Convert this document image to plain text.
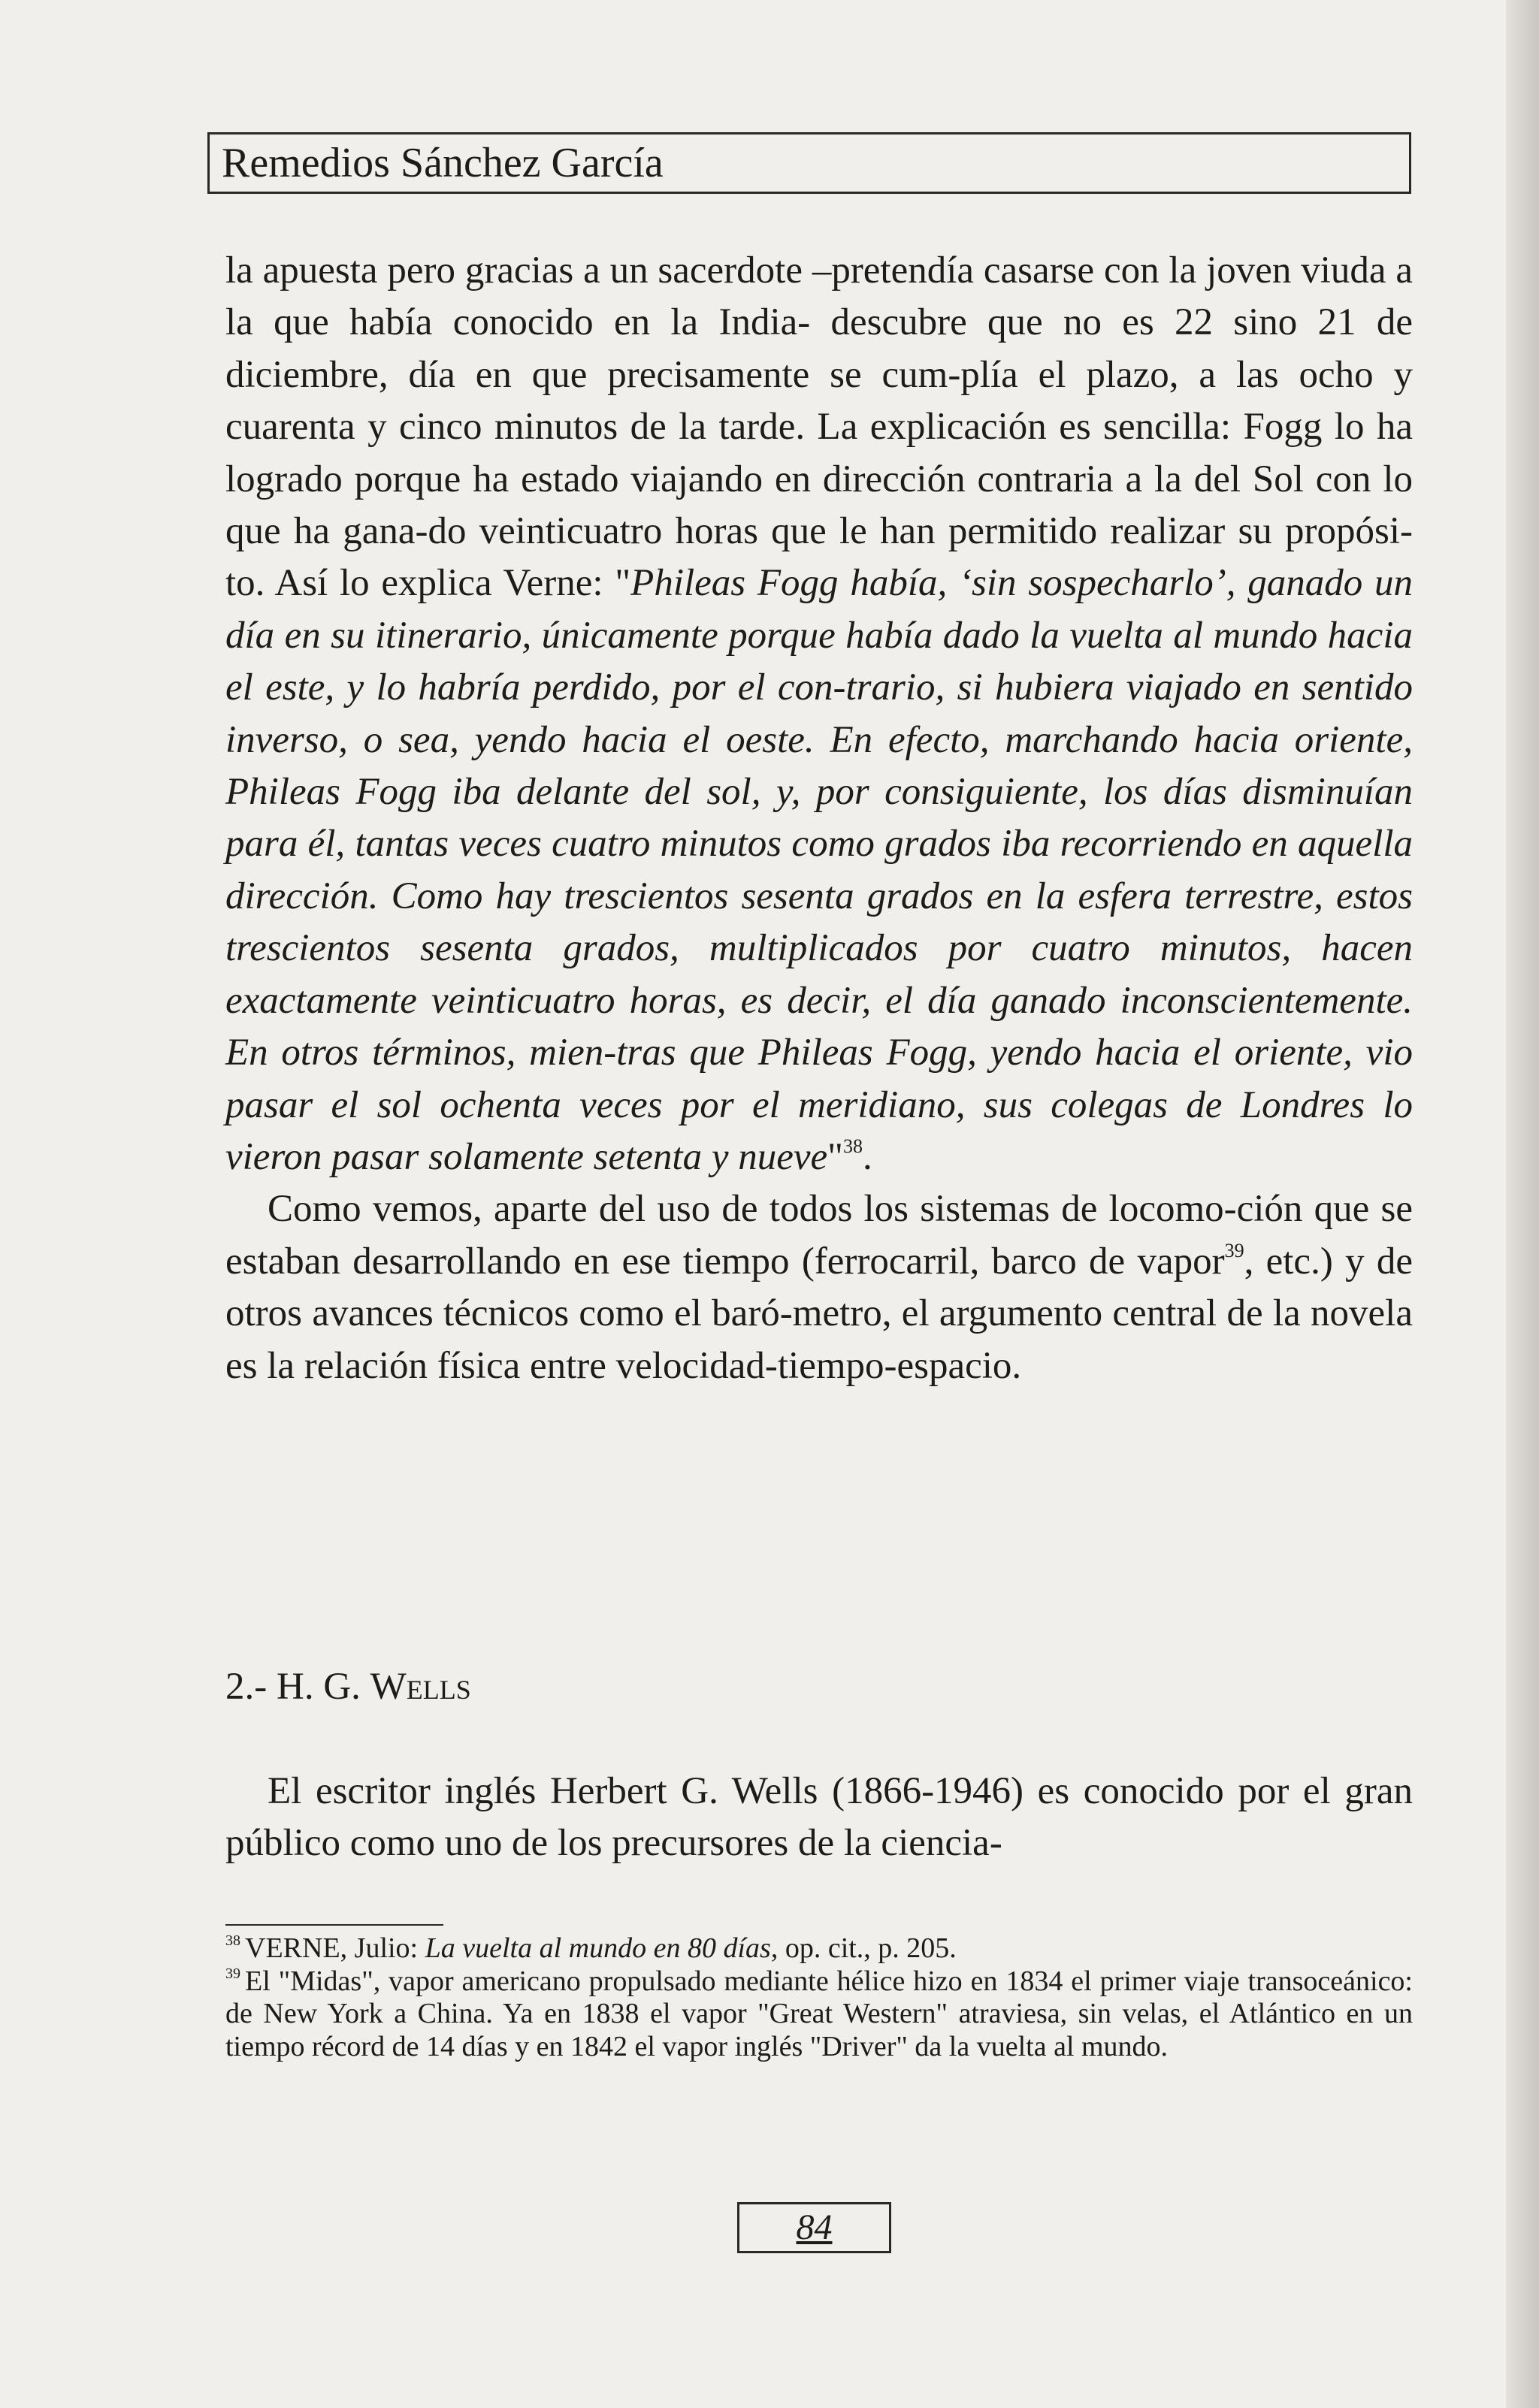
Remedios Sánchez García

la apuesta pero gracias a un sacerdote –pretendía casarse con la joven viuda a la que había conocido en la India- descubre que no es 22 sino 21 de diciembre, día en que precisamente se cum-plía el plazo, a las ocho y cuarenta y cinco minutos de la tarde. La explicación es sencilla: Fogg lo ha logrado porque ha estado viajando en dirección contraria a la del Sol con lo que ha gana-do veinticuatro horas que le han permitido realizar su propósi-to. Así lo explica Verne: "Phileas Fogg había, ‘sin sospecharlo’, ganado un día en su itinerario, únicamente porque había dado la vuelta al mundo hacia el este, y lo habría perdido, por el con-trario, si hubiera viajado en sentido inverso, o sea, yendo hacia el oeste. En efecto, marchando hacia oriente, Phileas Fogg iba delante del sol, y, por consiguiente, los días disminuían para él, tantas veces cuatro minutos como grados iba recorriendo en aquella dirección. Como hay trescientos sesenta grados en la esfera terrestre, estos trescientos sesenta grados, multiplicados por cuatro minutos, hacen exactamente veinticuatro horas, es decir, el día ganado inconscientemente. En otros términos, mien-tras que Phileas Fogg, yendo hacia el oriente, vio pasar el sol ochenta veces por el meridiano, sus colegas de Londres lo vieron pasar solamente setenta y nueve"$^{38}$.

Como vemos, aparte del uso de todos los sistemas de locomo-ción que se estaban desarrollando en ese tiempo (ferrocarril, barco de vapor$^{39}$, etc.) y de otros avances técnicos como el baró-metro, el argumento central de la novela es la relación física entre velocidad-tiempo-espacio.

2.- H. G. Wells
El escritor inglés Herbert G. Wells (1866-1946) es conocido por el gran público como uno de los precursores de la ciencia-

$^{38}$ VERNE, Julio: La vuelta al mundo en 80 días, op. cit., p. 205.

$^{39}$ El "Midas", vapor americano propulsado mediante hélice hizo en 1834 el primer viaje transoceánico: de New York a China. Ya en 1838 el vapor "Great Western" atraviesa, sin velas, el Atlántico en un tiempo récord de 14 días y en 1842 el vapor inglés "Driver" da la vuelta al mundo.

84
